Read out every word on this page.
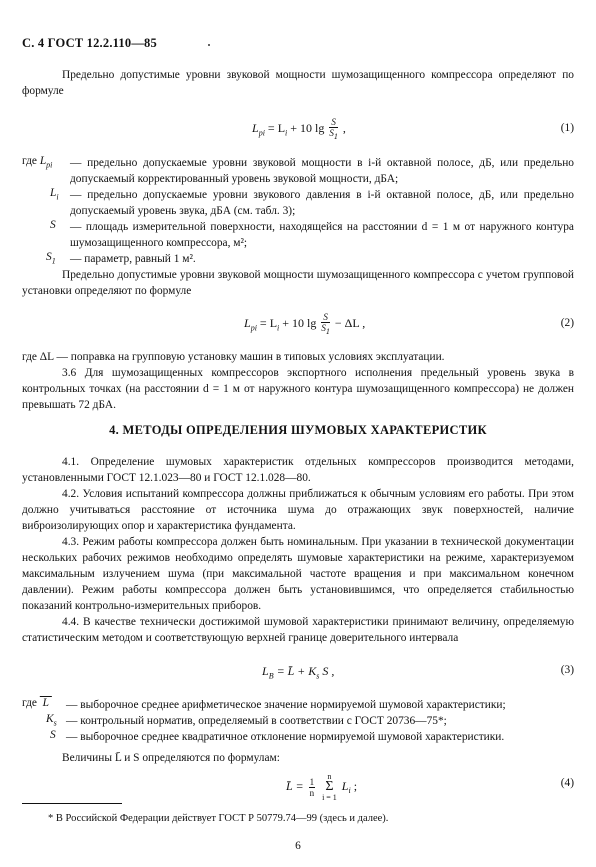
С. 4 ГОСТ 12.2.110—85

Предельно допустимые уровни звуковой мощности шумозащищенного компрессора определяют по формуле

$L_{pi} = L_i + 10$ $\lg \frac{S}{S_1}$ ,	(1)
где $L_{pi}$ — предельно допускаемые уровни звуковой мощности в i-й октавной полосе, дБ, или предельно допускаемый корректированный уровень звуковой мощности, дБА;

$L_i$ — предельно допускаемые уровни звукового давления в i-й октавной полосе, дБ, или предельно допускаемый уровень звука, дБА (см. табл. 3);

S — площадь измерительной поверхности, находящейся на расстоянии d = 1 м от наружного контура шумозащищенного компрессора, м²;

$S_1$ — параметр, равный 1 м².

Предельно допустимые уровни звуковой мощности шумозащищенного компрессора с учетом групповой установки определяют по формуле

$L_{pi} = L_i + 10$ $\lg \frac{S}{S_1} - \Delta L$ ,	(2)

где ΔL — поправка на групповую установку машин в типовых условиях эксплуатации.

3.6 Для шумозащищенных компрессоров экспортного исполнения предельный уровень звука в контрольных точках (на расстоянии d = 1 м от наружного контура шумозащищенного компрессора) не должен превышать 72 дБА.

4. МЕТОДЫ ОПРЕДЕЛЕНИЯ ШУМОВЫХ ХАРАКТЕРИСТИК

4.1. Определение шумовых характеристик отдельных компрессоров производится методами, установленными ГОСТ 12.1.023—80 и ГОСТ 12.1.028—80.

4.2. Условия испытаний компрессора должны приближаться к обычным условиям его работы. При этом должно учитываться расстояние от источника шума до отражающих звук поверхностей, наличие виброизолирующих опор и характеристика фундамента.

4.3. Режим работы компрессора должен быть номинальным. При указании в технической документации нескольких рабочих режимов необходимо определять шумовые характеристики на режиме, характеризуемом максимальным излучением шума (при максимальной частоте вращения и при максимальном конечном давлении). Режим работы компрессора должен быть установившимся, что определяется стабильностью показаний контрольно-измерительных приборов.

4.4. В качестве технически достижимой шумовой характеристики принимают величину, определяемую статистическим методом и соответствующую верхней границе доверительного интервала

$L_B$ = L̄ + $K_s$ S ,	(3)
где  L — выборочное среднее арифметическое значение нормируемой шумовой характеристики;

$K_s$ — контрольный норматив, определяемый в соответствии с ГОСТ 20736—75*;

S — выборочное среднее квадратичное отклонение нормируемой шумовой характеристики.

Величины L̄ и S определяются по формулам:

L̄ = $\frac{1}{n}$
	n
Σ
i = 1
$L_i$ ;	(4)
* В Российской Федерации действует ГОСТ Р 50779.74—99 (здесь и далее).
6
